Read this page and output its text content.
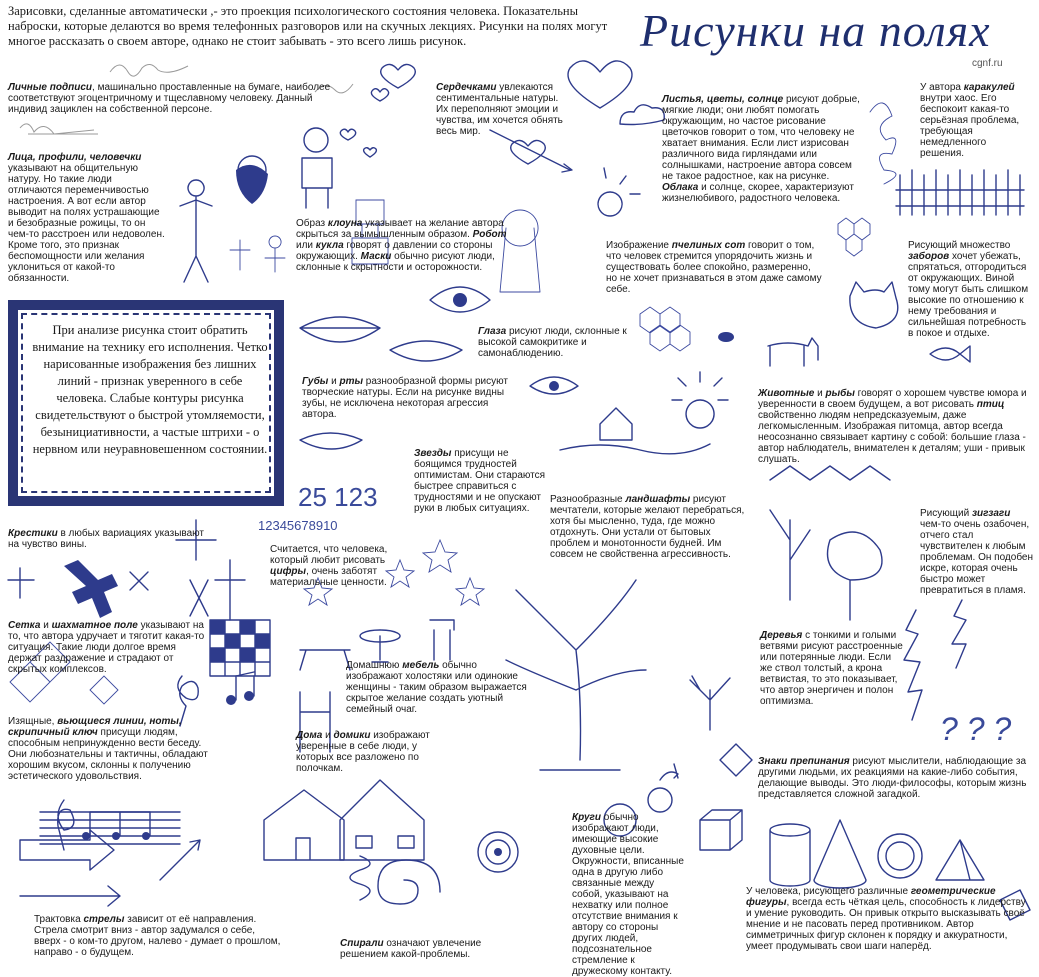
Зарисовки, сделанные автоматически ,- это проекция психологического состояния человека. Показательны наброски, которые делаются во время телефонных разговоров или на скучных лекциях. Рисунки на полях могут многое рассказать о своем авторе, однако не стоит забывать - это всего лишь рисунок.	Рисунки на полях
cgnf.ru
25 123
12345678910
? ? ?
Личные подписи, машинально проставленные на бумаге, наиболее соответствуют эгоцентричному и тщеславному человеку. Данный индивид зациклен на собственной персоне.
Лица, профили, человечки указывают на общительную натуру. Но такие люди отличаются переменчивостью настроения. А вот если автор выводит на полях устрашающие и безобразные рожицы, то он чем-то расстроен или недоволен. Кроме того, это признак беспомощности или желания уклониться от какой-то обязанности.
Сердечками увлекаются сентиментальные натуры. Их переполняют эмоции и чувства, им хочется обнять весь мир.
Образ клоуна указывает на желание автора скрыться за вымышленным образом. Робот или кукла говорят о давлении со стороны окружающих. Маски обычно рисуют люди, склонные к скрытности и осторожности.
Листья, цветы, солнце рисуют добрые, мягкие люди; они любят помогать окружающим, но частое рисование цветочков говорит о том, что человеку не хватает внимания. Если лист изрисован различного вида гирляндами или солнышками, настроение автора совсем не такое радостное, как на рисунке. Облака и солнце, скорее, характеризуют жизнелюбивого, радостного человека.
У автора каракулей внутри хаос. Его беспокоит какая-то серьёзная проблема, требующая немедленного решения.
Изображение пчелиных сот говорит о том, что человек стремится упорядочить жизнь и существовать более спокойно, размеренно, но не хочет признаваться в этом даже самому себе.
Рисующий множество заборов хочет убежать, спрятаться, отгородиться от окружающих. Виной тому могут быть слишком высокие по отношению к нему требования и сильнейшая потребность в покое и отдыхе.
Глаза рисуют люди, склонные к высокой самокритике и самонаблюдению.
Губы и рты разнообразной формы рисуют творческие натуры. Если на рисунке видны зубы, не исключена некоторая агрессия автора.
Животные и рыбы говорят о хорошем чувстве юмора и уверенности в своем будущем, а вот рисовать птиц свойственно людям непредсказуемым, даже легкомысленным. Изображая питомца, автор всегда неосознанно связывает картину с собой: большие глаза - автор наблюдатель, внимателен к деталям; уши - привык слушать.
Звезды присущи не боящимся трудностей оптимистам. Они стараются быстрее справиться с трудностями и не опускают руки в любых ситуациях.
Разнообразные ландшафты рисуют мечтатели, которые желают перебраться, хотя бы мысленно, туда, где можно отдохнуть. Они устали от бытовых проблем и монотонности будней. Им совсем не свойственна агрессивность.
Крестики в любых вариациях указывают на чувство вины.	Считается, что человека, который любит рисовать цифры, очень заботят материальные ценности.
Рисующий зигзаги чем-то очень озабочен, отчего стал чувствителен к любым проблемам. Он подобен искре, которая очень быстро может превратиться в пламя.
Сетка и шахматное поле указывают на то, что автора удручает и тяготит какая-то ситуация. Такие люди долгое время держат раздражение и страдают от скрытых комплексов.
Деревья с тонкими и голыми ветвями рисуют расстроенные или потерянные люди. Если же ствол толстый, а крона ветвистая, то это показывает, что автор энергичен и полон оптимизма.
Домашнюю мебель обычно изображают холостяки или одинокие женщины - таким образом выражается скрытое желание создать уютный семейный очаг.
Изящные, вьющиеся линии, ноты, скрипичный ключ присущи людям, способным непринужденно вести беседу. Они любознательны и тактичны, обладают хорошим вкусом, склонны к получению эстетического удовольствия.
Дома и домики изображают уверенные в себе люди, у которых все разложено по полочкам.
Знаки препинания рисуют мыслители, наблюдающие за другими людьми, их реакциями на какие-либо события, делающие выводы. Это люди-философы, которым жизнь представляется сложной загадкой.
Круги обычно изображают люди, имеющие высокие духовные цели. Окружности, вписанные одна в другую либо связанные между собой, указывают на нехватку или полное отсутствие внимания к автору со стороны других людей, подсознательное стремление к дружескому контакту.
Трактовка стрелы зависит от её направления. Стрела смотрит вниз - автор задумался о себе, вверх - о ком-то другом, налево - думает о прошлом, направо - о будущем.
Спирали означают увлечение решением какой-проблемы.
У человека, рисующего различные геометрические фигуры, всегда есть чёткая цель, способность к лидерству и умение руководить. Он привык открыто высказывать своё мнение и не пасовать перед противником. Автор симметричных фигур склонен к порядку и аккуратности, умеет продумывать свои шаги наперёд.
При анализе рисунка стоит обратить внимание на технику его исполнения. Четко нарисованные изображения без лишних линий - признак уверенного в себе человека. Слабые контуры рисунка свидетельствуют о быстрой утомляемости, безынициативности, а частые штрихи - о нервном или неуравновешенном состоянии.
